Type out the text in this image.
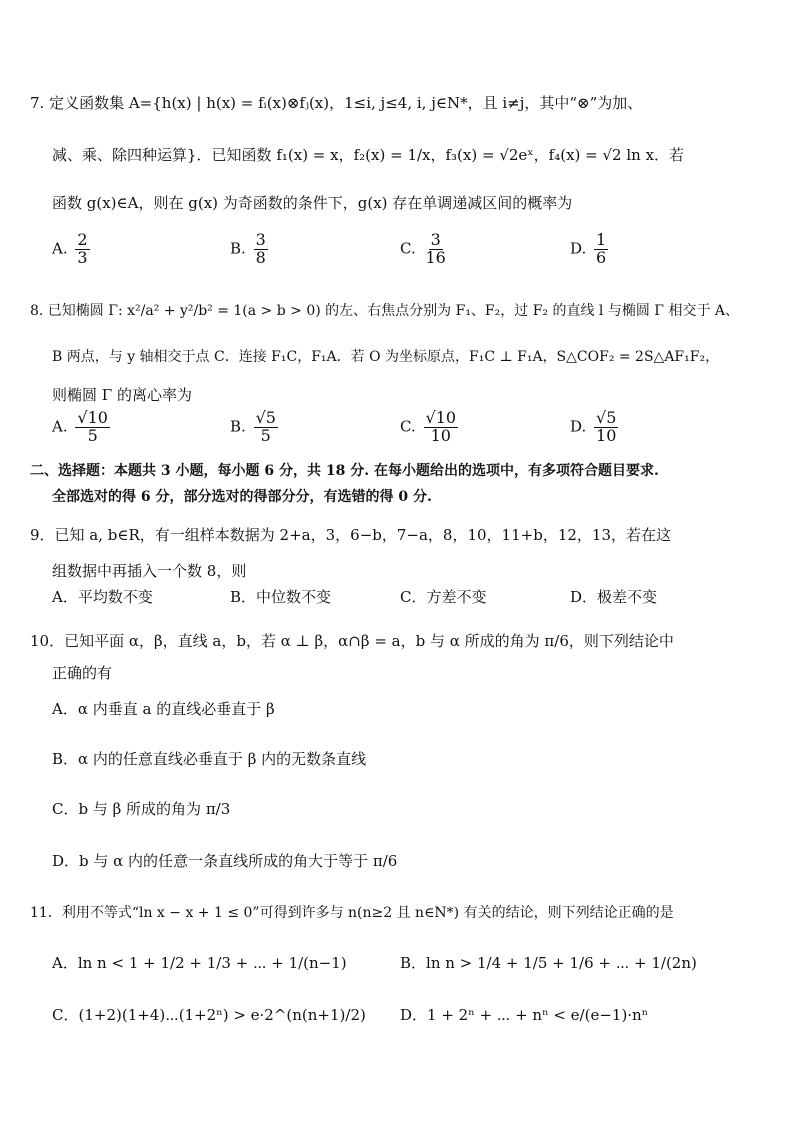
7. 定义函数集 A={h(x) | h(x) = fᵢ(x)⊗fⱼ(x)，1≤i, j≤4, i, j∈N*，且 i≠j，其中“⊗”为加、
减、乘、除四种运算}．已知函数 f₁(x) = x，f₂(x) = 1/x，f₃(x) = √2eˣ，f₄(x) = √2 ln x．若
函数 g(x)∈A，则在 g(x) 为奇函数的条件下，g(x) 存在单调递减区间的概率为
A. $\frac{2}{3}$	B. $\frac{3}{8}$	C. $\frac{3}{16}$	D. $\frac{1}{6}$
8. 已知椭圆 Γ: x²/a² + y²/b² = 1(a > b > 0) 的左、右焦点分别为 F₁、F₂，过 F₂ 的直线 l 与椭圆 Γ 相交于 A、
B 两点，与 y 轴相交于点 C．连接 F₁C，F₁A．若 O 为坐标原点，F₁C ⊥ F₁A，S△COF₂ = 2S△AF₁F₂，
则椭圆 Γ 的离心率为
A. $\frac{√10}{5}$	B. $\frac{√5}{5}$	C. $\frac{√10}{10}$	D. $\frac{√5}{10}$
二、选择题：本题共 3 小题，每小题 6 分，共 18 分. 在每小题给出的选项中，有多项符合题目要求.
全部选对的得 6 分，部分选对的得部分分，有选错的得 0 分.
9．已知 a, b∈R，有一组样本数据为 2+a，3，6−b，7−a，8，10，11+b，12，13，若在这
组数据中再插入一个数 8，则
A．平均数不变	B．中位数不变	C．方差不变	D．极差不变
10．已知平面 α，β，直线 a，b，若 α ⊥ β，α∩β = a，b 与 α 所成的角为 π/6，则下列结论中
正确的有
A．α 内垂直 a 的直线必垂直于 β
B．α 内的任意直线必垂直于 β 内的无数条直线
C．b 与 β 所成的角为 π/3
D．b 与 α 内的任意一条直线所成的角大于等于 π/6
11．利用不等式“ln x − x + 1 ≤ 0”可得到许多与 n(n≥2 且 n∈N*) 有关的结论，则下列结论正确的是
A．ln n < 1 + 1/2 + 1/3 + ⋯ + 1/(n−1)	B．ln n > 1/4 + 1/5 + 1/6 + ⋯ + 1/(2n)
C．(1+2)(1+4)⋯(1+2ⁿ) > e·2^(n(n+1)/2) D．1 + 2ⁿ + ⋯ + nⁿ < e/(e−1)·nⁿ
